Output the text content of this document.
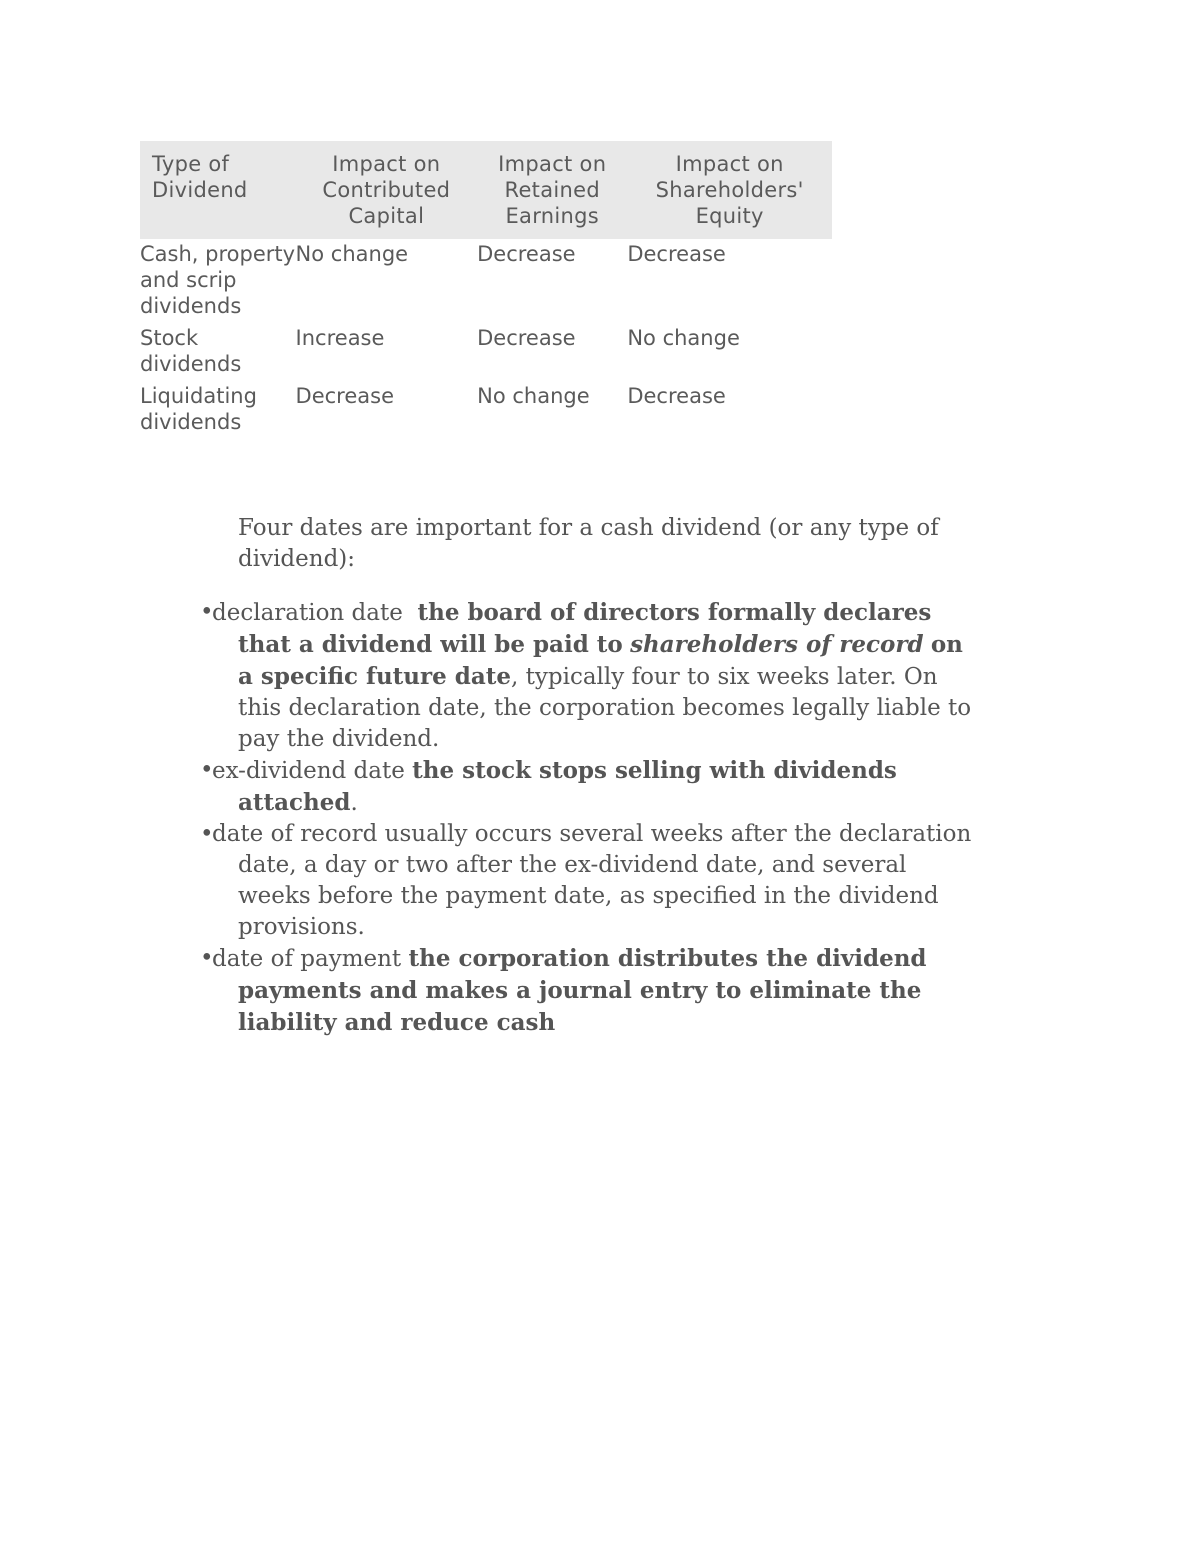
Type of Dividend	Impact on Contributed Capital	Impact on Retained Earnings	Impact on Shareholders' Equity
Cash, property and scrip dividends	No change	Decrease	Decrease
Stock dividends	Increase	Decrease	No change
Liquidating dividends	Decrease	No change	Decrease

Four dates are important for a cash dividend (or any type of dividend):

•
declaration date the board of directors formally declares that a dividend will be paid to shareholders of record on a specific future date, typically four to six weeks later. On this declaration date, the corporation becomes legally liable to pay the dividend.
•
ex-dividend date the stock stops selling with dividends attached.
•
date of record usually occurs several weeks after the declaration date, a day or two after the ex-dividend date, and several weeks before the payment date, as specified in the dividend provisions.
•
date of payment the corporation distributes the dividend payments and makes a journal entry to eliminate the liability and reduce cash
